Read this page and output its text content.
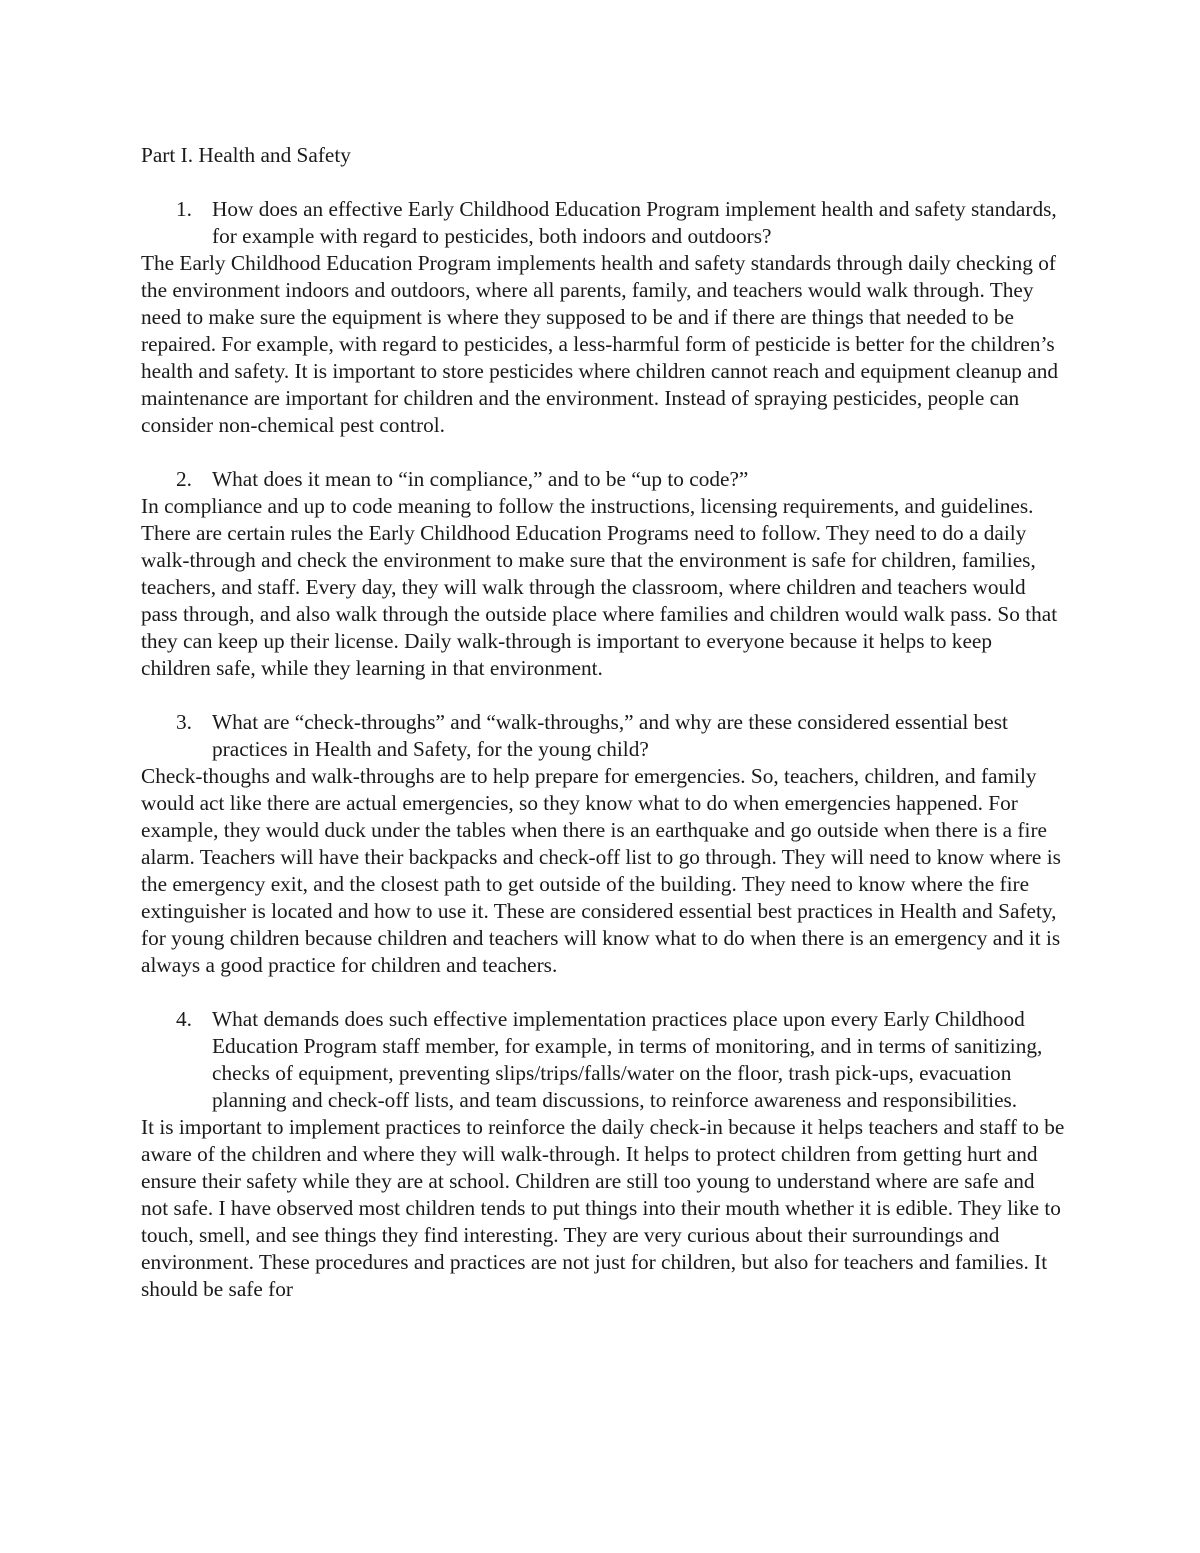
Part I. Health and Safety

1. How does an effective Early Childhood Education Program implement health and safety standards, for example with regard to pesticides, both indoors and outdoors?

The Early Childhood Education Program implements health and safety standards through daily checking of the environment indoors and outdoors, where all parents, family, and teachers would walk through. They need to make sure the equipment is where they supposed to be and if there are things that needed to be repaired. For example, with regard to pesticides, a less-harmful form of pesticide is better for the children’s health and safety. It is important to store pesticides where children cannot reach and equipment cleanup and maintenance are important for children and the environment. Instead of spraying pesticides, people can consider non-chemical pest control.

2. What does it mean to “in compliance,” and to be “up to code?”

In compliance and up to code meaning to follow the instructions, licensing requirements, and guidelines. There are certain rules the Early Childhood Education Programs need to follow. They need to do a daily walk-through and check the environment to make sure that the environment is safe for children, families, teachers, and staff. Every day, they will walk through the classroom, where children and teachers would pass through, and also walk through the outside place where families and children would walk pass. So that they can keep up their license. Daily walk-through is important to everyone because it helps to keep children safe, while they learning in that environment.

3. What are “check-throughs” and “walk-throughs,” and why are these considered essential best practices in Health and Safety, for the young child?

Check-thoughs and walk-throughs are to help prepare for emergencies. So, teachers, children, and family would act like there are actual emergencies, so they know what to do when emergencies happened. For example, they would duck under the tables when there is an earthquake and go outside when there is a fire alarm. Teachers will have their backpacks and check-off list to go through. They will need to know where is the emergency exit, and the closest path to get outside of the building. They need to know where the fire extinguisher is located and how to use it. These are considered essential best practices in Health and Safety, for young children because children and teachers will know what to do when there is an emergency and it is always a good practice for children and teachers.

4. What demands does such effective implementation practices place upon every Early Childhood Education Program staff member, for example, in terms of monitoring, and in terms of sanitizing, checks of equipment, preventing slips/trips/falls/water on the floor, trash pick-ups, evacuation planning and check-off lists, and team discussions, to reinforce awareness and responsibilities.

It is important to implement practices to reinforce the daily check-in because it helps teachers and staff to be aware of the children and where they will walk-through. It helps to protect children from getting hurt and ensure their safety while they are at school. Children are still too young to understand where are safe and not safe. I have observed most children tends to put things into their mouth whether it is edible. They like to touch, smell, and see things they find interesting. They are very curious about their surroundings and environment. These procedures and practices are not just for children, but also for teachers and families. It should be safe for
